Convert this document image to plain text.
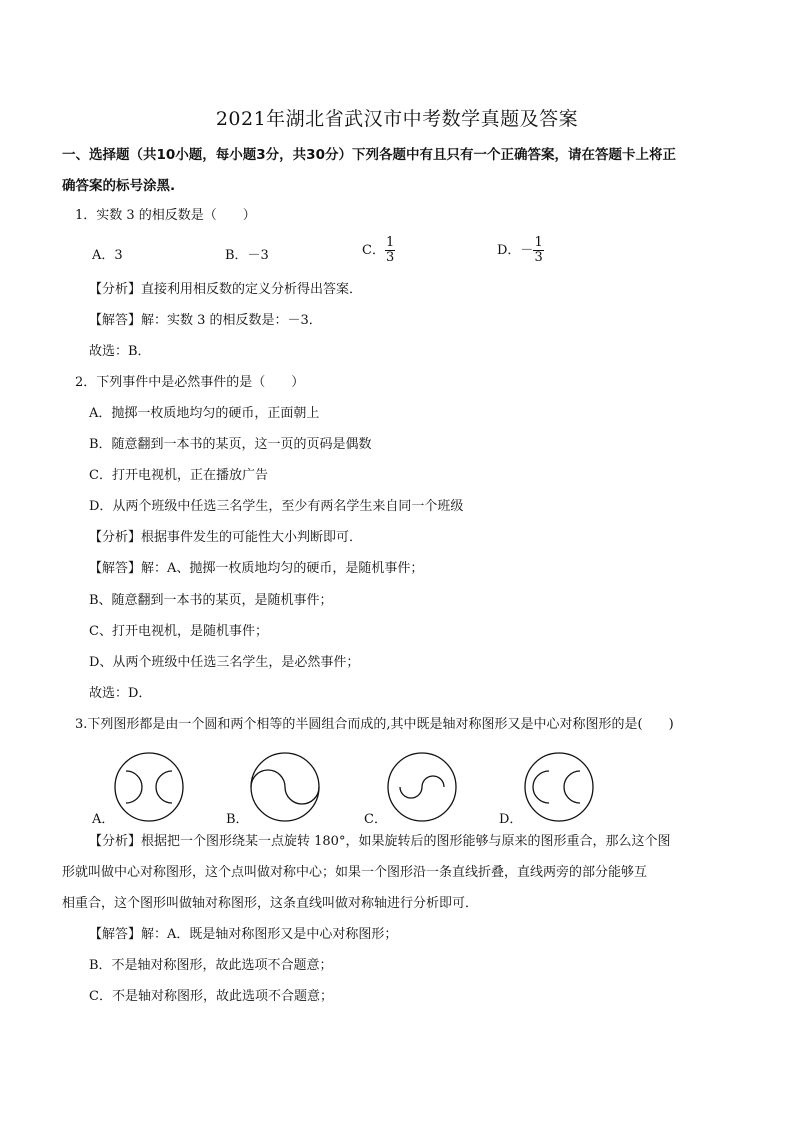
2021年湖北省武汉市中考数学真题及答案
一、选择题（共10小题，每小题3分，共30分）下列各题中有且只有一个正确答案，请在答题卡上将正
确答案的标号涂黑.
1．实数 3 的相反数是（　　）
A．3	B．－3	C． $\frac{1}{3}$	D．－ $\frac{1}{3}$
【分析】直接利用相反数的定义分析得出答案．
【解答】解：实数 3 的相反数是：－3．
故选：B．
2．下列事件中是必然事件的是（　　）
A．抛掷一枚质地均匀的硬币，正面朝上
B．随意翻到一本书的某页，这一页的页码是偶数
C．打开电视机，正在播放广告
D．从两个班级中任选三名学生，至少有两名学生来自同一个班级
【分析】根据事件发生的可能性大小判断即可．
【解答】解：A、抛掷一枚质地均匀的硬币，是随机事件；
B、随意翻到一本书的某页，是随机事件；
C、打开电视机，是随机事件；
D、从两个班级中任选三名学生，是必然事件；
故选：D．
3.下列图形都是由一个圆和两个相等的半圆组合而成的,其中既是轴对称图形又是中心对称图形的是(　　)
A．	B．	C．	D．
【分析】根据把一个图形绕某一点旋转 180°，如果旋转后的图形能够与原来的图形重合，那么这个图
形就叫做中心对称图形，这个点叫做对称中心；如果一个图形沿一条直线折叠，直线两旁的部分能够互
相重合，这个图形叫做轴对称图形，这条直线叫做对称轴进行分析即可．
【解答】解：A．既是轴对称图形又是中心对称图形；
B．不是轴对称图形，故此选项不合题意；
C．不是轴对称图形，故此选项不合题意；
